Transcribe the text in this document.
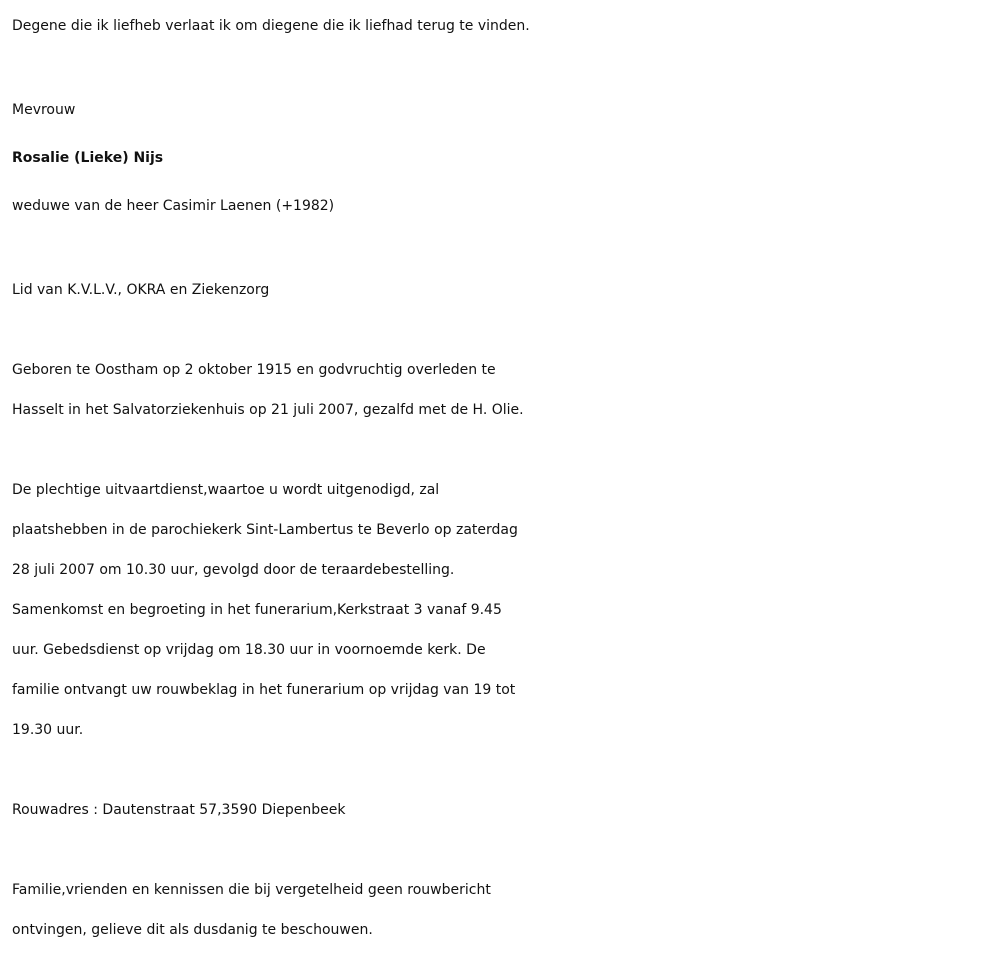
Degene die ik liefheb verlaat ik om diegene die ik liefhad terug te vinden.
Mevrouw
Rosalie (Lieke) Nijs
weduwe van de heer Casimir Laenen (+1982)
Lid van K.V.L.V., OKRA en Ziekenzorg
Geboren te Oostham op 2 oktober 1915 en godvruchtig overleden te
Hasselt in het Salvatorziekenhuis op 21 juli 2007, gezalfd met de H. Olie.
De plechtige uitvaartdienst,waartoe u wordt uitgenodigd, zal
plaatshebben in de parochiekerk Sint-Lambertus te Beverlo op zaterdag
28 juli 2007 om 10.30 uur, gevolgd door de teraardebestelling.
Samenkomst en begroeting in het funerarium,Kerkstraat 3 vanaf 9.45
uur. Gebedsdienst op vrijdag om 18.30 uur in voornoemde kerk. De
familie ontvangt uw rouwbeklag in het funerarium op vrijdag van 19 tot
19.30 uur.
Rouwadres : Dautenstraat 57,3590 Diepenbeek
Familie,vrienden en kennissen die bij vergetelheid geen rouwbericht
ontvingen, gelieve dit als dusdanig te beschouwen.
